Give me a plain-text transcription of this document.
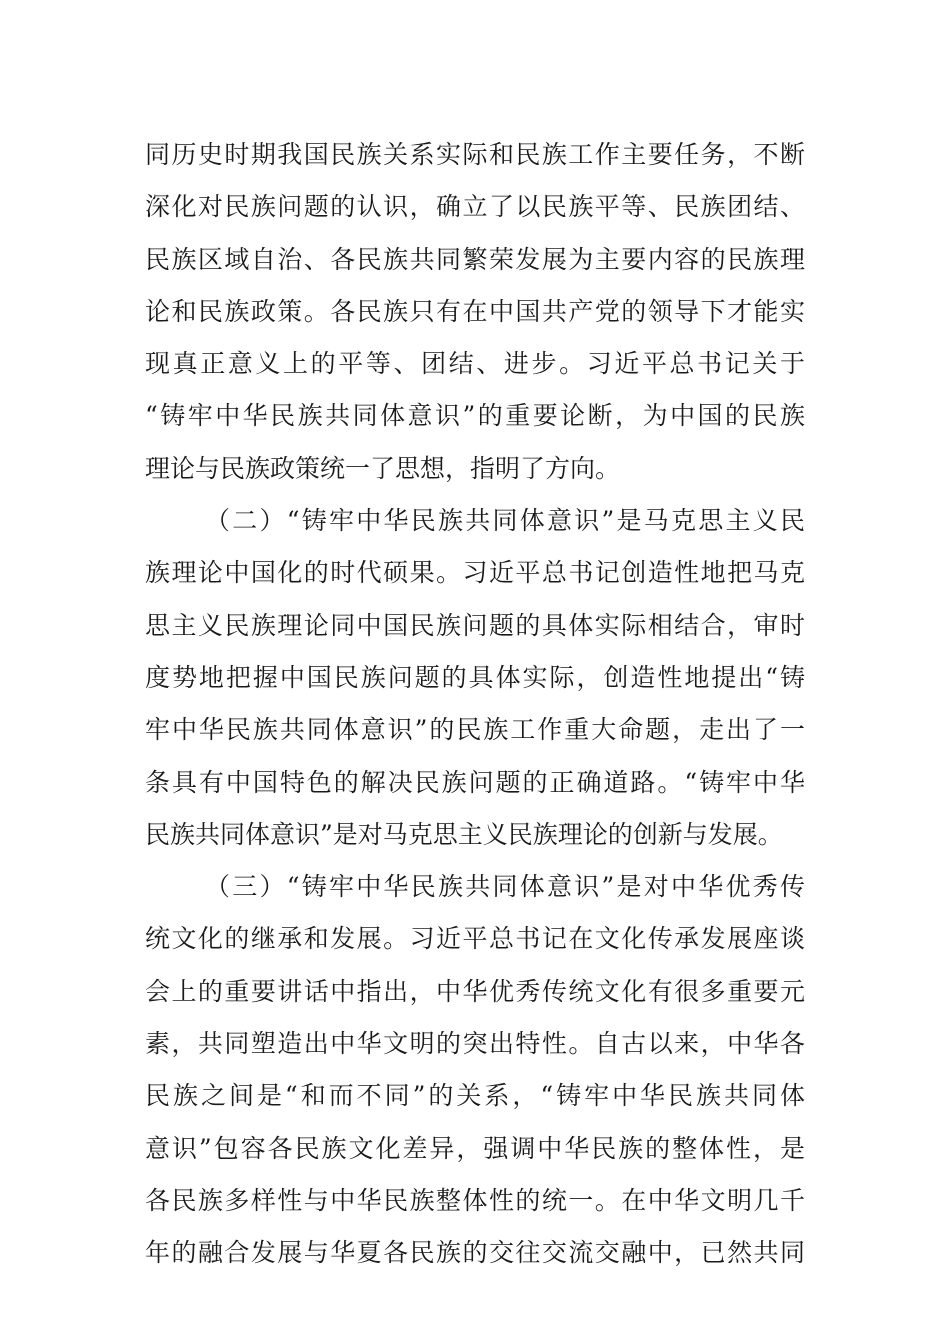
同历史时期我国民族关系实际和民族工作主要任务，不断
深化对民族问题的认识，确立了以民族平等、民族团结、
民族区域自治、各民族共同繁荣发展为主要内容的民族理
论和民族政策。各民族只有在中国共产党的领导下才能实
现真正意义上的平等、团结、进步。习近平总书记关于
“铸牢中华民族共同体意识”的重要论断，为中国的民族
理论与民族政策统一了思想，指明了方向。
（二）“铸牢中华民族共同体意识”是马克思主义民
族理论中国化的时代硕果。习近平总书记创造性地把马克
思主义民族理论同中国民族问题的具体实际相结合，审时
度势地把握中国民族问题的具体实际，创造性地提出“铸
牢中华民族共同体意识”的民族工作重大命题，走出了一
条具有中国特色的解决民族问题的正确道路。“铸牢中华
民族共同体意识”是对马克思主义民族理论的创新与发展。
（三）“铸牢中华民族共同体意识”是对中华优秀传
统文化的继承和发展。习近平总书记在文化传承发展座谈
会上的重要讲话中指出，中华优秀传统文化有很多重要元
素，共同塑造出中华文明的突出特性。自古以来，中华各
民族之间是“和而不同”的关系，“铸牢中华民族共同体
意识”包容各民族文化差异，强调中华民族的整体性，是
各民族多样性与中华民族整体性的统一。在中华文明几千
年的融合发展与华夏各民族的交往交流交融中，已然共同
